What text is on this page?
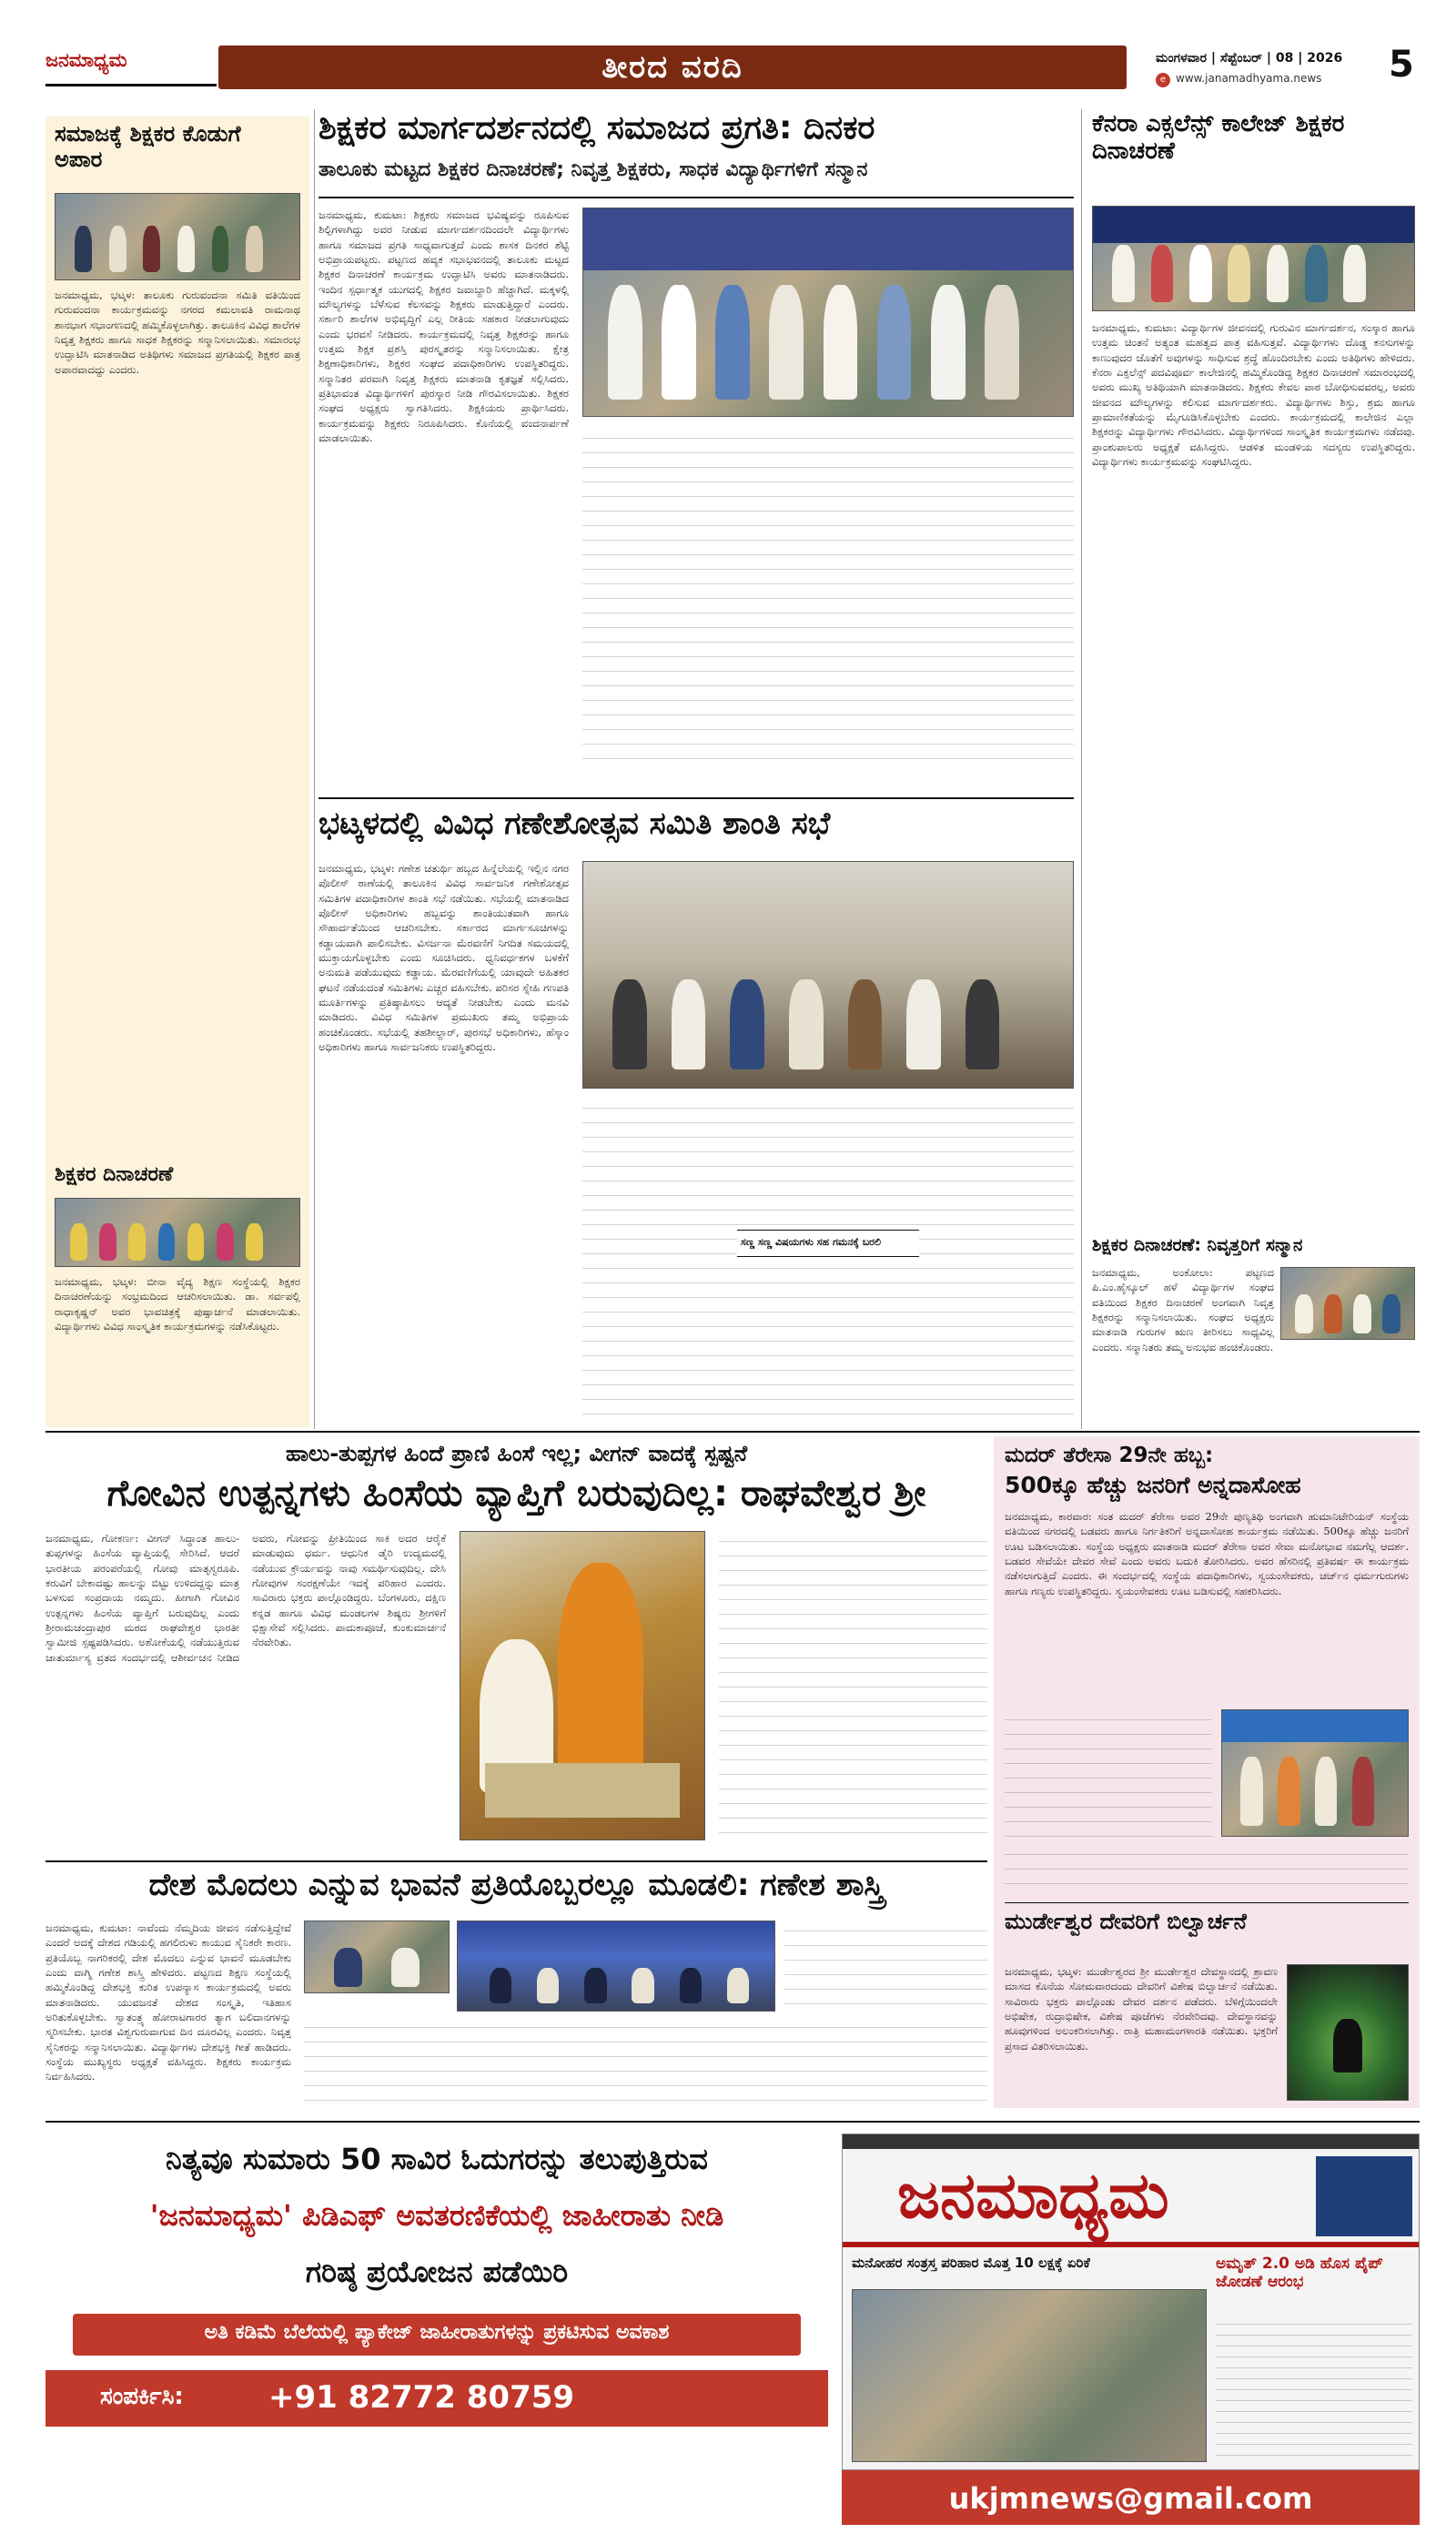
ಜನಮಾಧ್ಯಮ	ತೀರದ ವರದಿ	ಮಂಗಳವಾರ | ಸೆಪ್ಟೆಂಬರ್ | 08 | 2026	5
e www.janamadhyama.news
ಸಮಾಜಕ್ಕೆ ಶಿಕ್ಷಕರ ಕೊಡುಗೆ ಅಪಾರ
ಜನಮಾಧ್ಯಮ, ಭಟ್ಕಳ: ತಾಲೂಕು ಗುರುವಂದನಾ ಸಮಿತಿ ವತಿಯಿಂದ ಗುರುವಂದನಾ ಕಾರ್ಯಕ್ರಮವನ್ನು ನಗರದ ಕಮಲಾವತಿ ರಾಮನಾಥ ಶಾನಭಾಗ ಸಭಾಂಗಣದಲ್ಲಿ ಹಮ್ಮಿಕೊಳ್ಳಲಾಗಿತ್ತು. ತಾಲೂಕಿನ ವಿವಿಧ ಶಾಲೆಗಳ ನಿವೃತ್ತ ಶಿಕ್ಷಕರು ಹಾಗೂ ಸಾಧಕ ಶಿಕ್ಷಕರನ್ನು ಸನ್ಮಾನಿಸಲಾಯಿತು. ಸಮಾರಂಭ ಉದ್ಘಾಟಿಸಿ ಮಾತನಾಡಿದ ಅತಿಥಿಗಳು ಸಮಾಜದ ಪ್ರಗತಿಯಲ್ಲಿ ಶಿಕ್ಷಕರ ಪಾತ್ರ ಅಪಾರವಾದದ್ದು ಎಂದರು.
ಶಿಕ್ಷಕರ ದಿನಾಚರಣೆ
ಜನಮಾಧ್ಯಮ, ಭಟ್ಕಳ: ಬೀನಾ ವೈದ್ಯ ಶಿಕ್ಷಣ ಸಂಸ್ಥೆಯಲ್ಲಿ ಶಿಕ್ಷಕರ ದಿನಾಚರಣೆಯನ್ನು ಸಂಭ್ರಮದಿಂದ ಆಚರಿಸಲಾಯಿತು. ಡಾ. ಸರ್ವಪಲ್ಲಿ ರಾಧಾಕೃಷ್ಣನ್ ಅವರ ಭಾವಚಿತ್ರಕ್ಕೆ ಪುಷ್ಪಾರ್ಚನೆ ಮಾಡಲಾಯಿತು. ವಿದ್ಯಾರ್ಥಿಗಳು ವಿವಿಧ ಸಾಂಸ್ಕೃತಿಕ ಕಾರ್ಯಕ್ರಮಗಳನ್ನು ನಡೆಸಿಕೊಟ್ಟರು.
ಶಿಕ್ಷಕರ ಮಾರ್ಗದರ್ಶನದಲ್ಲಿ ಸಮಾಜದ ಪ್ರಗತಿ: ದಿನಕರ
ತಾಲೂಕು ಮಟ್ಟದ ಶಿಕ್ಷಕರ ದಿನಾಚರಣೆ; ನಿವೃತ್ತ ಶಿಕ್ಷಕರು, ಸಾಧಕ ವಿದ್ಯಾರ್ಥಿಗಳಿಗೆ ಸನ್ಮಾನ
ಜನಮಾಧ್ಯಮ, ಕುಮಟಾ: ಶಿಕ್ಷಕರು ಸಮಾಜದ ಭವಿಷ್ಯವನ್ನು ರೂಪಿಸುವ ಶಿಲ್ಪಿಗಳಾಗಿದ್ದು ಅವರ ನೀಡುವ ಮಾರ್ಗದರ್ಶನದಿಂದಲೇ ವಿದ್ಯಾರ್ಥಿಗಳು ಹಾಗೂ ಸಮಾಜದ ಪ್ರಗತಿ ಸಾಧ್ಯವಾಗುತ್ತದೆ ಎಂದು ಶಾಸಕ ದಿನಕರ ಶೆಟ್ಟಿ ಅಭಿಪ್ರಾಯಪಟ್ಟರು. ಪಟ್ಟಣದ ಹವ್ಯಕ ಸಭಾಭವನದಲ್ಲಿ ತಾಲೂಕು ಮಟ್ಟದ ಶಿಕ್ಷಕರ ದಿನಾಚರಣೆ ಕಾರ್ಯಕ್ರಮ ಉದ್ಘಾಟಿಸಿ ಅವರು ಮಾತನಾಡಿದರು. ಇಂದಿನ ಸ್ಪರ್ಧಾತ್ಮಕ ಯುಗದಲ್ಲಿ ಶಿಕ್ಷಕರ ಜವಾಬ್ದಾರಿ ಹೆಚ್ಚಾಗಿದೆ. ಮಕ್ಕಳಲ್ಲಿ ಮೌಲ್ಯಗಳನ್ನು ಬೆಳೆಸುವ ಕೆಲಸವನ್ನು ಶಿಕ್ಷಕರು ಮಾಡುತ್ತಿದ್ದಾರೆ ಎಂದರು. ಸರ್ಕಾರಿ ಶಾಲೆಗಳ ಅಭಿವೃದ್ಧಿಗೆ ಎಲ್ಲ ರೀತಿಯ ಸಹಕಾರ ನೀಡಲಾಗುವುದು ಎಂದು ಭರವಸೆ ನೀಡಿದರು. ಕಾರ್ಯಕ್ರಮದಲ್ಲಿ ನಿವೃತ್ತ ಶಿಕ್ಷಕರನ್ನು ಹಾಗೂ ಉತ್ತಮ ಶಿಕ್ಷಕ ಪ್ರಶಸ್ತಿ ಪುರಸ್ಕೃತರನ್ನು ಸನ್ಮಾನಿಸಲಾಯಿತು. ಕ್ಷೇತ್ರ ಶಿಕ್ಷಣಾಧಿಕಾರಿಗಳು, ಶಿಕ್ಷಕರ ಸಂಘದ ಪದಾಧಿಕಾರಿಗಳು ಉಪಸ್ಥಿತರಿದ್ದರು. ಸನ್ಮಾನಿತರ ಪರವಾಗಿ ನಿವೃತ್ತ ಶಿಕ್ಷಕರು ಮಾತನಾಡಿ ಕೃತಜ್ಞತೆ ಸಲ್ಲಿಸಿದರು. ಪ್ರತಿಭಾವಂತ ವಿದ್ಯಾರ್ಥಿಗಳಿಗೆ ಪುರಸ್ಕಾರ ನೀಡಿ ಗೌರವಿಸಲಾಯಿತು. ಶಿಕ್ಷಕರ ಸಂಘದ ಅಧ್ಯಕ್ಷರು ಸ್ವಾಗತಿಸಿದರು. ಶಿಕ್ಷಕಿಯರು ಪ್ರಾರ್ಥಿಸಿದರು. ಕಾರ್ಯಕ್ರಮವನ್ನು ಶಿಕ್ಷಕರು ನಿರೂಪಿಸಿದರು. ಕೊನೆಯಲ್ಲಿ ವಂದನಾರ್ಪಣೆ ಮಾಡಲಾಯಿತು.
ಭಟ್ಕಳದಲ್ಲಿ ವಿವಿಧ ಗಣೇಶೋತ್ಸವ ಸಮಿತಿ ಶಾಂತಿ ಸಭೆ
ಜನಮಾಧ್ಯಮ, ಭಟ್ಕಳ: ಗಣೇಶ ಚತುರ್ಥಿ ಹಬ್ಬದ ಹಿನ್ನೆಲೆಯಲ್ಲಿ ಇಲ್ಲಿನ ನಗರ ಪೊಲೀಸ್ ಠಾಣೆಯಲ್ಲಿ ತಾಲೂಕಿನ ವಿವಿಧ ಸಾರ್ವಜನಿಕ ಗಣೇಶೋತ್ಸವ ಸಮಿತಿಗಳ ಪದಾಧಿಕಾರಿಗಳ ಶಾಂತಿ ಸಭೆ ನಡೆಯಿತು. ಸಭೆಯಲ್ಲಿ ಮಾತನಾಡಿದ ಪೊಲೀಸ್ ಅಧಿಕಾರಿಗಳು ಹಬ್ಬವನ್ನು ಶಾಂತಿಯುತವಾಗಿ ಹಾಗೂ ಸೌಹಾರ್ದತೆಯಿಂದ ಆಚರಿಸಬೇಕು. ಸರ್ಕಾರದ ಮಾರ್ಗಸೂಚಿಗಳನ್ನು ಕಡ್ಡಾಯವಾಗಿ ಪಾಲಿಸಬೇಕು. ವಿಸರ್ಜನಾ ಮೆರವಣಿಗೆ ನಿಗದಿತ ಸಮಯದಲ್ಲಿ ಮುಕ್ತಾಯಗೊಳ್ಳಬೇಕು ಎಂದು ಸೂಚಿಸಿದರು. ಧ್ವನಿವರ್ಧಕಗಳ ಬಳಕೆಗೆ ಅನುಮತಿ ಪಡೆಯುವುದು ಕಡ್ಡಾಯ. ಮೆರವಣಿಗೆಯಲ್ಲಿ ಯಾವುದೇ ಅಹಿತಕರ ಘಟನೆ ನಡೆಯದಂತೆ ಸಮಿತಿಗಳು ಎಚ್ಚರ ವಹಿಸಬೇಕು. ಪರಿಸರ ಸ್ನೇಹಿ ಗಣಪತಿ ಮೂರ್ತಿಗಳನ್ನು ಪ್ರತಿಷ್ಠಾಪಿಸಲು ಆದ್ಯತೆ ನೀಡಬೇಕು ಎಂದು ಮನವಿ ಮಾಡಿದರು. ವಿವಿಧ ಸಮಿತಿಗಳ ಪ್ರಮುಖರು ತಮ್ಮ ಅಭಿಪ್ರಾಯ ಹಂಚಿಕೊಂಡರು. ಸಭೆಯಲ್ಲಿ ತಹಶೀಲ್ದಾರ್, ಪುರಸಭೆ ಅಧಿಕಾರಿಗಳು, ಹೆಸ್ಕಾಂ ಅಧಿಕಾರಿಗಳು ಹಾಗೂ ಸಾರ್ವಜನಿಕರು ಉಪಸ್ಥಿತರಿದ್ದರು.
ಸಣ್ಣ ಸಣ್ಣ ವಿಷಯಗಳು ಸಹ ಗಮನಕ್ಕೆ ಬರಲಿ
ಕೆನರಾ ಎಕ್ಸಲೆನ್ಸ್ ಕಾಲೇಜ್ ಶಿಕ್ಷಕರ ದಿನಾಚರಣೆ
ಜನಮಾಧ್ಯಮ, ಕುಮಟಾ: ವಿದ್ಯಾರ್ಥಿಗಳ ಜೀವನದಲ್ಲಿ ಗುರುವಿನ ಮಾರ್ಗದರ್ಶನ, ಸಂಸ್ಕಾರ ಹಾಗೂ ಉತ್ತಮ ಚಿಂತನೆ ಅತ್ಯಂತ ಮಹತ್ವದ ಪಾತ್ರ ವಹಿಸುತ್ತವೆ. ವಿದ್ಯಾರ್ಥಿಗಳು ದೊಡ್ಡ ಕನಸುಗಳನ್ನು ಕಾಣುವುದರ ಜೊತೆಗೆ ಅವುಗಳನ್ನು ಸಾಧಿಸುವ ಶ್ರದ್ಧೆ ಹೊಂದಿರಬೇಕು ಎಂದು ಅತಿಥಿಗಳು ಹೇಳಿದರು. ಕೆನರಾ ಎಕ್ಸಲೆನ್ಸ್ ಪದವಿಪೂರ್ವ ಕಾಲೇಜಿನಲ್ಲಿ ಹಮ್ಮಿಕೊಂಡಿದ್ದ ಶಿಕ್ಷಕರ ದಿನಾಚರಣೆ ಸಮಾರಂಭದಲ್ಲಿ ಅವರು ಮುಖ್ಯ ಅತಿಥಿಯಾಗಿ ಮಾತನಾಡಿದರು. ಶಿಕ್ಷಕರು ಕೇವಲ ಪಾಠ ಬೋಧಿಸುವವರಲ್ಲ, ಅವರು ಜೀವನದ ಮೌಲ್ಯಗಳನ್ನು ಕಲಿಸುವ ಮಾರ್ಗದರ್ಶಕರು. ವಿದ್ಯಾರ್ಥಿಗಳು ಶಿಸ್ತು, ಶ್ರಮ ಹಾಗೂ ಪ್ರಾಮಾಣಿಕತೆಯನ್ನು ಮೈಗೂಡಿಸಿಕೊಳ್ಳಬೇಕು ಎಂದರು. ಕಾರ್ಯಕ್ರಮದಲ್ಲಿ ಕಾಲೇಜಿನ ಎಲ್ಲಾ ಶಿಕ್ಷಕರನ್ನು ವಿದ್ಯಾರ್ಥಿಗಳು ಗೌರವಿಸಿದರು. ವಿದ್ಯಾರ್ಥಿಗಳಿಂದ ಸಾಂಸ್ಕೃತಿಕ ಕಾರ್ಯಕ್ರಮಗಳು ನಡೆದವು. ಪ್ರಾಂಶುಪಾಲರು ಅಧ್ಯಕ್ಷತೆ ವಹಿಸಿದ್ದರು. ಆಡಳಿತ ಮಂಡಳಿಯ ಸದಸ್ಯರು ಉಪಸ್ಥಿತರಿದ್ದರು. ವಿದ್ಯಾರ್ಥಿಗಳು ಕಾರ್ಯಕ್ರಮವನ್ನು ಸಂಘಟಿಸಿದ್ದರು.
ಶಿಕ್ಷಕರ ದಿನಾಚರಣೆ: ನಿವೃತ್ತರಿಗೆ ಸನ್ಮಾನ
ಜನಮಾಧ್ಯಮ, ಅಂಕೋಲಾ: ಪಟ್ಟಣದ ಪಿ.ಎಂ.ಹೈಸ್ಕೂಲ್ ಹಳೆ ವಿದ್ಯಾರ್ಥಿಗಳ ಸಂಘದ ವತಿಯಿಂದ ಶಿಕ್ಷಕರ ದಿನಾಚರಣೆ ಅಂಗವಾಗಿ ನಿವೃತ್ತ ಶಿಕ್ಷಕರನ್ನು ಸನ್ಮಾನಿಸಲಾಯಿತು. ಸಂಘದ ಅಧ್ಯಕ್ಷರು ಮಾತನಾಡಿ ಗುರುಗಳ ಋಣ ತೀರಿಸಲು ಸಾಧ್ಯವಿಲ್ಲ ಎಂದರು. ಸನ್ಮಾನಿತರು ತಮ್ಮ ಅನುಭವ ಹಂಚಿಕೊಂಡರು.
ಹಾಲು-ತುಪ್ಪಗಳ ಹಿಂದೆ ಪ್ರಾಣಿ ಹಿಂಸೆ ಇಲ್ಲ; ವೀಗನ್ ವಾದಕ್ಕೆ ಸ್ಪಷ್ಟನೆ
ಗೋವಿನ ಉತ್ಪನ್ನಗಳು ಹಿಂಸೆಯ ವ್ಯಾಪ್ತಿಗೆ ಬರುವುದಿಲ್ಲ: ರಾಘವೇಶ್ವರ ಶ್ರೀ
ಜನಮಾಧ್ಯಮ, ಗೋಕರ್ಣ: ವೀಗನ್ ಸಿದ್ಧಾಂತ ಹಾಲು-ತುಪ್ಪಗಳನ್ನು ಹಿಂಸೆಯ ವ್ಯಾಪ್ತಿಯಲ್ಲಿ ಸೇರಿಸಿದೆ. ಆದರೆ ಭಾರತೀಯ ಪರಂಪರೆಯಲ್ಲಿ ಗೋವು ಮಾತೃಸ್ವರೂಪಿ. ಕರುವಿಗೆ ಬೇಕಾದಷ್ಟು ಹಾಲನ್ನು ಬಿಟ್ಟು ಉಳಿದದ್ದನ್ನು ಮಾತ್ರ ಬಳಸುವ ಸಂಪ್ರದಾಯ ನಮ್ಮದು. ಹೀಗಾಗಿ ಗೋವಿನ ಉತ್ಪನ್ನಗಳು ಹಿಂಸೆಯ ವ್ಯಾಪ್ತಿಗೆ ಬರುವುದಿಲ್ಲ ಎಂದು ಶ್ರೀರಾಮಚಂದ್ರಾಪುರ ಮಠದ ರಾಘವೇಶ್ವರ ಭಾರತೀ ಸ್ವಾಮೀಜಿ ಸ್ಪಷ್ಟಪಡಿಸಿದರು. ಅಶೋಕೆಯಲ್ಲಿ ನಡೆಯುತ್ತಿರುವ ಚಾತುರ್ಮಾಸ್ಯ ವ್ರತದ ಸಂದರ್ಭದಲ್ಲಿ ಆಶೀರ್ವಚನ ನೀಡಿದ ಅವರು, ಗೋವನ್ನು ಪ್ರೀತಿಯಿಂದ ಸಾಕಿ ಅದರ ಆರೈಕೆ ಮಾಡುವುದು ಧರ್ಮ. ಆಧುನಿಕ ಡೈರಿ ಉದ್ಯಮದಲ್ಲಿ ನಡೆಯುವ ಕ್ರೌರ್ಯವನ್ನು ನಾವು ಸಮರ್ಥಿಸುವುದಿಲ್ಲ. ದೇಸಿ ಗೋವುಗಳ ಸಂರಕ್ಷಣೆಯೇ ಇದಕ್ಕೆ ಪರಿಹಾರ ಎಂದರು. ಸಾವಿರಾರು ಭಕ್ತರು ಪಾಲ್ಗೊಂಡಿದ್ದರು. ಬೆಂಗಳೂರು, ದಕ್ಷಿಣ ಕನ್ನಡ ಹಾಗೂ ವಿವಿಧ ಮಂಡಲಗಳ ಶಿಷ್ಯರು ಶ್ರೀಗಳಿಗೆ ಭಿಕ್ಷಾಸೇವೆ ಸಲ್ಲಿಸಿದರು. ಪಾದುಕಾಪೂಜೆ, ಕುಂಕುಮಾರ್ಚನೆ ನೆರವೇರಿತು.
ಮದರ್ ತೆರೇಸಾ 29ನೇ ಹಬ್ಬ:
500ಕ್ಕೂ ಹೆಚ್ಚು ಜನರಿಗೆ ಅನ್ನದಾಸೋಹ
ಜನಮಾಧ್ಯಮ, ಕಾರವಾರ: ಸಂತ ಮದರ್ ತೆರೇಸಾ ಅವರ 29ನೇ ಪುಣ್ಯತಿಥಿ ಅಂಗವಾಗಿ ಹುಮಾನಿಟೇರಿಯನ್ ಸಂಸ್ಥೆಯ ವತಿಯಿಂದ ನಗರದಲ್ಲಿ ಬಡವರು ಹಾಗೂ ನಿರ್ಗತಿಕರಿಗೆ ಅನ್ನದಾಸೋಹ ಕಾರ್ಯಕ್ರಮ ನಡೆಯಿತು. 500ಕ್ಕೂ ಹೆಚ್ಚು ಜನರಿಗೆ ಊಟ ಬಡಿಸಲಾಯಿತು. ಸಂಸ್ಥೆಯ ಅಧ್ಯಕ್ಷರು ಮಾತನಾಡಿ ಮದರ್ ತೆರೇಸಾ ಅವರ ಸೇವಾ ಮನೋಭಾವ ನಮಗೆಲ್ಲ ಆದರ್ಶ. ಬಡವರ ಸೇವೆಯೇ ದೇವರ ಸೇವೆ ಎಂದು ಅವರು ಬದುಕಿ ತೋರಿಸಿದರು. ಅವರ ಹೆಸರಿನಲ್ಲಿ ಪ್ರತಿವರ್ಷ ಈ ಕಾರ್ಯಕ್ರಮ ನಡೆಸಲಾಗುತ್ತಿದೆ ಎಂದರು. ಈ ಸಂದರ್ಭದಲ್ಲಿ ಸಂಸ್ಥೆಯ ಪದಾಧಿಕಾರಿಗಳು, ಸ್ವಯಂಸೇವಕರು, ಚರ್ಚ್‌ನ ಧರ್ಮಗುರುಗಳು ಹಾಗೂ ಗಣ್ಯರು ಉಪಸ್ಥಿತರಿದ್ದರು. ಸ್ವಯಂಸೇವಕರು ಊಟ ಬಡಿಸುವಲ್ಲಿ ಸಹಕರಿಸಿದರು.
ಮುರ್ಡೇಶ್ವರ ದೇವರಿಗೆ ಬಿಲ್ವಾರ್ಚನೆ
ಜನಮಾಧ್ಯಮ, ಭಟ್ಕಳ: ಮುರ್ಡೇಶ್ವರದ ಶ್ರೀ ಮುರ್ಡೇಶ್ವರ ದೇವಸ್ಥಾನದಲ್ಲಿ ಶ್ರಾವಣ ಮಾಸದ ಕೊನೆಯ ಸೋಮವಾರದಂದು ದೇವರಿಗೆ ವಿಶೇಷ ಬಿಲ್ವಾರ್ಚನೆ ನಡೆಯಿತು. ಸಾವಿರಾರು ಭಕ್ತರು ಪಾಲ್ಗೊಂಡು ದೇವರ ದರ್ಶನ ಪಡೆದರು. ಬೆಳಿಗ್ಗೆಯಿಂದಲೇ ಅಭಿಷೇಕ, ರುದ್ರಾಭಿಷೇಕ, ವಿಶೇಷ ಪೂಜೆಗಳು ನೆರವೇರಿದವು. ದೇವಸ್ಥಾನವನ್ನು ಹೂವುಗಳಿಂದ ಅಲಂಕರಿಸಲಾಗಿತ್ತು. ರಾತ್ರಿ ಮಹಾಮಂಗಳಾರತಿ ನಡೆಯಿತು. ಭಕ್ತರಿಗೆ ಪ್ರಸಾದ ವಿತರಿಸಲಾಯಿತು.
ದೇಶ ಮೊದಲು ಎನ್ನುವ ಭಾವನೆ ಪ್ರತಿಯೊಬ್ಬರಲ್ಲೂ ಮೂಡಲಿ: ಗಣೇಶ ಶಾಸ್ತ್ರಿ
ಜನಮಾಧ್ಯಮ, ಕುಮಟಾ: ನಾವೆಂದು ನೆಮ್ಮದಿಯ ಜೀವನ ನಡೆಸುತ್ತಿದ್ದೇವೆ ಎಂದರೆ ಅದಕ್ಕೆ ದೇಶದ ಗಡಿಯಲ್ಲಿ ಹಗಲಿರುಳು ಕಾಯುವ ಸೈನಿಕರೇ ಕಾರಣ. ಪ್ರತಿಯೊಬ್ಬ ನಾಗರಿಕರಲ್ಲಿ ದೇಶ ಮೊದಲು ಎನ್ನುವ ಭಾವನೆ ಮೂಡಬೇಕು ಎಂದು ವಾಗ್ಮಿ ಗಣೇಶ ಶಾಸ್ತ್ರಿ ಹೇಳಿದರು. ಪಟ್ಟಣದ ಶಿಕ್ಷಣ ಸಂಸ್ಥೆಯಲ್ಲಿ ಹಮ್ಮಿಕೊಂಡಿದ್ದ ದೇಶಭಕ್ತಿ ಕುರಿತ ಉಪನ್ಯಾಸ ಕಾರ್ಯಕ್ರಮದಲ್ಲಿ ಅವರು ಮಾತನಾಡಿದರು. ಯುವಜನತೆ ದೇಶದ ಸಂಸ್ಕೃತಿ, ಇತಿಹಾಸ ಅರಿತುಕೊಳ್ಳಬೇಕು. ಸ್ವಾತಂತ್ರ್ಯ ಹೋರಾಟಗಾರರ ತ್ಯಾಗ ಬಲಿದಾನಗಳನ್ನು ಸ್ಮರಿಸಬೇಕು. ಭಾರತ ವಿಶ್ವಗುರುವಾಗುವ ದಿನ ದೂರವಿಲ್ಲ ಎಂದರು. ನಿವೃತ್ತ ಸೈನಿಕರನ್ನು ಸನ್ಮಾನಿಸಲಾಯಿತು. ವಿದ್ಯಾರ್ಥಿಗಳು ದೇಶಭಕ್ತಿ ಗೀತೆ ಹಾಡಿದರು. ಸಂಸ್ಥೆಯ ಮುಖ್ಯಸ್ಥರು ಅಧ್ಯಕ್ಷತೆ ವಹಿಸಿದ್ದರು. ಶಿಕ್ಷಕರು ಕಾರ್ಯಕ್ರಮ ನಿರ್ವಹಿಸಿದರು.
ನಿತ್ಯವೂ ಸುಮಾರು 50 ಸಾವಿರ ಓದುಗರನ್ನು ತಲುಪುತ್ತಿರುವ
'ಜನಮಾಧ್ಯಮ' ಪಿಡಿಎಫ್ ಅವತರಣಿಕೆಯಲ್ಲಿ ಜಾಹೀರಾತು ನೀಡಿ
ಗರಿಷ್ಠ ಪ್ರಯೋಜನ ಪಡೆಯಿರಿ
ಅತಿ ಕಡಿಮೆ ಬೆಲೆಯಲ್ಲಿ ಪ್ಯಾಕೇಜ್ ಜಾಹೀರಾತುಗಳನ್ನು ಪ್ರಕಟಿಸುವ ಅವಕಾಶ
ಸಂಪರ್ಕಿಸಿ:	+91 82772 80759
ಜನಮಾಧ್ಯಮ
ಮನೋಹರ ಸಂತ್ರಸ್ತ ಪರಿಹಾರ ಮೊತ್ತ 10 ಲಕ್ಷಕ್ಕೆ ಏರಿಕೆ	ಅಮೃತ್ 2.0 ಅಡಿ ಹೊಸ ಪೈಪ್ ಜೋಡಣೆ ಆರಂಭ
ukjmnews@gmail.com
